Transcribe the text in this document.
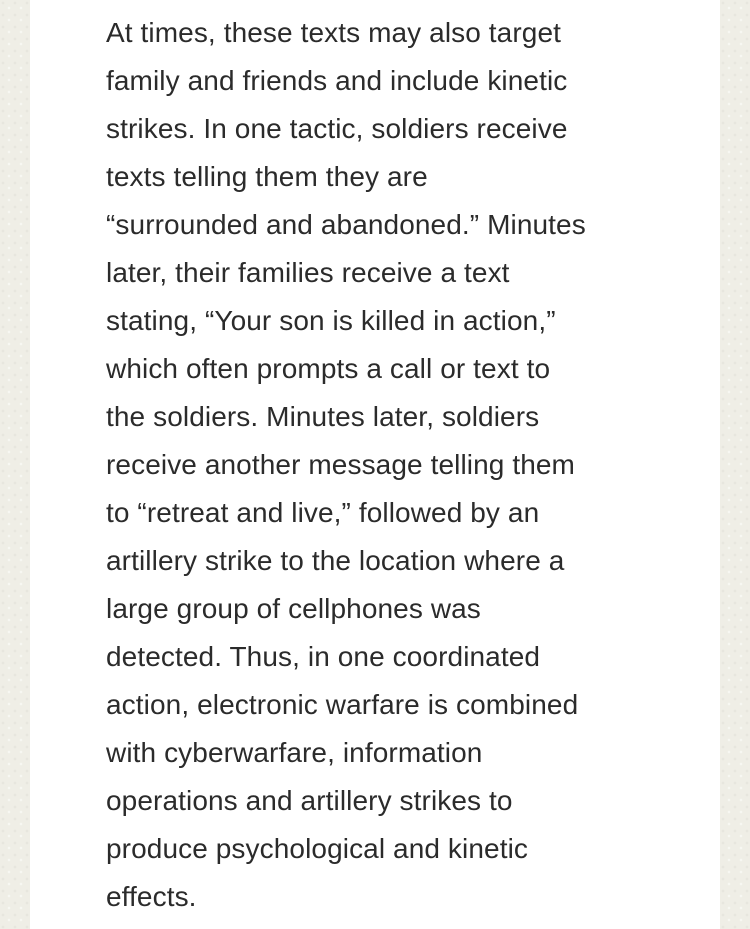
At times, these texts may also target
family and friends and include kinetic
strikes. In one tactic, soldiers receive
texts telling them they are
“surrounded and abandoned.” Minutes
later, their families receive a text
stating, “Your son is killed in action,”
which often prompts a call or text to
the soldiers. Minutes later, soldiers
receive another message telling them
to “retreat and live,” followed by an
artillery strike to the location where a
large group of cellphones was
detected. Thus, in one coordinated
action, electronic warfare is combined
with cyberwarfare, information
operations and artillery strikes to
produce psychological and kinetic
effects.
